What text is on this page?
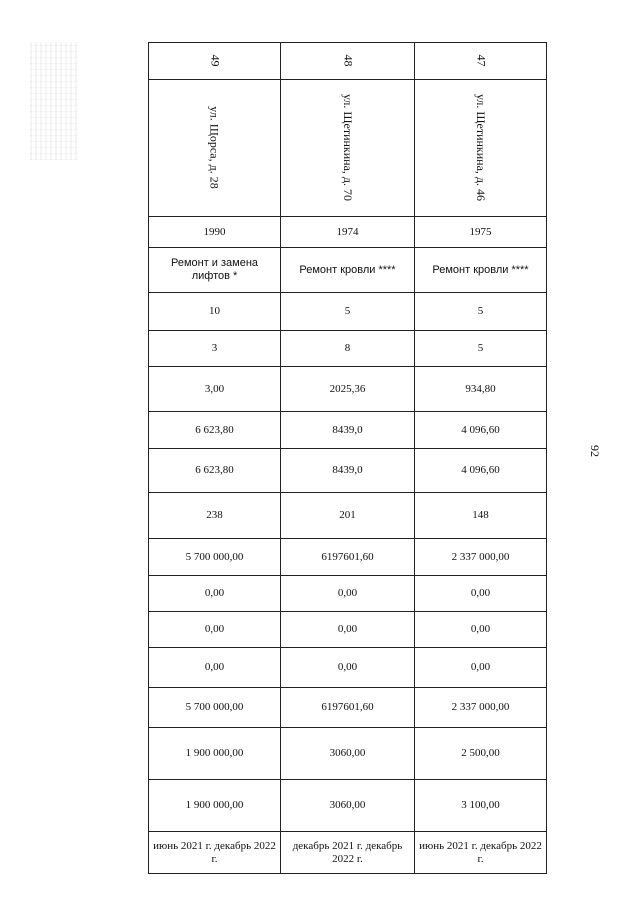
92
49	48	47
ул. Щорса, д. 28	ул. Щетинкина, д. 70	ул. Щетинкина, д. 46
1990	1974	1975
Ремонт и замена лифтов *	Ремонт кровли ****	Ремонт кровли ****
10	5	5
3	8	5
3,00	2025,36	934,80
6 623,80	8439,0	4 096,60
6 623,80	8439,0	4 096,60
238	201	148
5 700 000,00	6197601,60	2 337 000,00
0,00	0,00	0,00
0,00	0,00	0,00
0,00	0,00	0,00
5 700 000,00	6197601,60	2 337 000,00
1 900 000,00	3060,00	2 500,00
1 900 000,00	3060,00	3 100,00
июнь 2021 г. декабрь 2022 г.	декабрь 2021 г. декабрь 2022 г.	июнь 2021 г. декабрь 2022 г.
